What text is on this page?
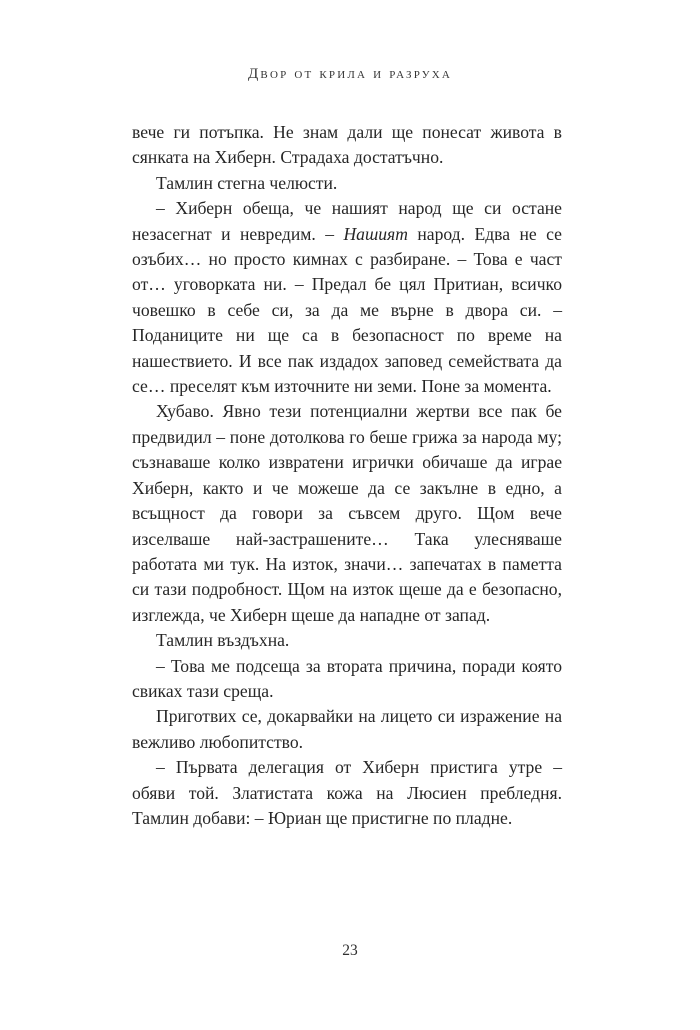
Двор от крила и разруха

вече ги потъпка. Не знам дали ще понесат живота в сянката на Хиберн. Страдаха достатъчно.

Тамлин стегна челюсти.

– Хиберн обеща, че нашият народ ще си остане незасегнат и невредим. – Нашият народ. Едва не се озъбих… но просто кимнах с разбиране. – Това е част от… уговорката ни. – Предал бе цял Притиан, всичко човешко в себе си, за да ме върне в двора си. – Поданиците ни ще са в безопасност по време на нашествието. И все пак издадох заповед семействата да се… преселят към източните ни земи. Поне за момента.

Хубаво. Явно тези потенциални жертви все пак бе предвидил – поне дотолкова го беше грижа за народа му; съзнаваше колко извратени игрички обичаше да играе Хиберн, както и че можеше да се закълне в едно, а всъщност да говори за съвсем друго. Щом вече изселваше най-застрашените… Така улесняваше работата ми тук. На изток, значи… запечатах в паметта си тази подробност. Щом на изток щеше да е безопасно, изглежда, че Хиберн щеше да нападне от запад.

Тамлин въздъхна.

– Това ме подсеща за втората причина, поради която свиках тази среща.

Приготвих се, докарвайки на лицето си изражение на вежливо любопитство.

– Първата делегация от Хиберн пристига утре – обяви той. Златистата кожа на Люсиен пребледня. Тамлин добави: – Юриан ще пристигне по пладне.

23
